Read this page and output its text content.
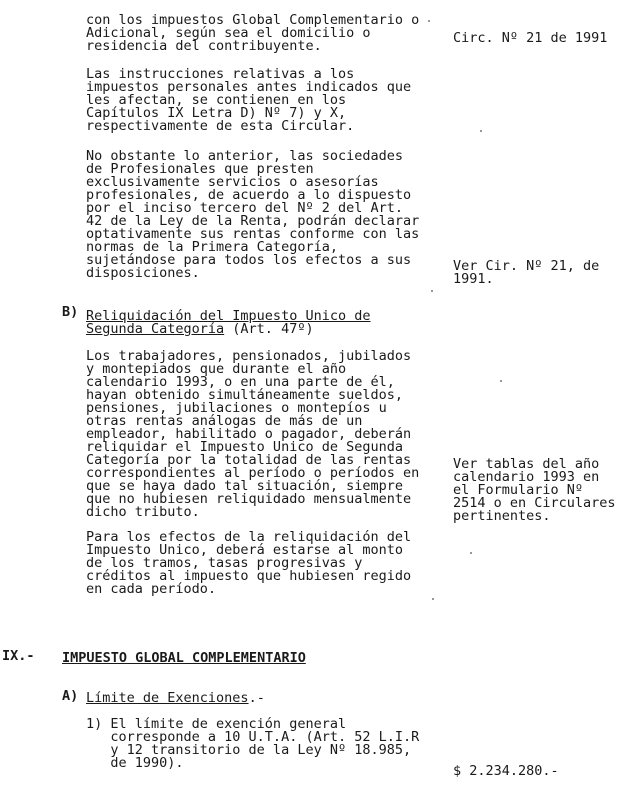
con los impuestos Global Complementario o
Adicional, según sea el domicilio o
residencia del contribuyente.

Las instrucciones relativas a los
impuestos personales antes indicados que
les afectan, se contienen en los
Capítulos IX Letra D) Nº 7) y X,
respectivamente de esta Circular.

No obstante lo anterior, las sociedades
de Profesionales que presten
exclusivamente servicios o asesorías
profesionales, de acuerdo a lo dispuesto
por el inciso tercero del Nº 2 del Art.
42 de la Ley de la Renta, podrán declarar
optativamente sus rentas conforme con las
normas de la Primera Categoría,
sujetándose para todos los efectos a sus
disposiciones.

B) Reliquidación del Impuesto Unico de
Segunda Categoría (Art. 47º)

Los trabajadores, pensionados, jubilados
y montepiados que durante el año
calendario 1993, o en una parte de él,
hayan obtenido simultáneamente sueldos,
pensiones, jubilaciones o montepíos u
otras rentas análogas de más de un
empleador, habilitado o pagador, deberán
reliquidar el Impuesto Unico de Segunda
Categoría por la totalidad de las rentas
correspondientes al período o períodos en
que se haya dado tal situación, siempre
que no hubiesen reliquidado mensualmente
dicho tributo.

Para los efectos de la reliquidación del
Impuesto Unico, deberá estarse al monto
de los tramos, tasas progresivas y
créditos al impuesto que hubiesen regido
en cada período.

IX.- IMPUESTO GLOBAL COMPLEMENTARIO
A) Límite de Exenciones.-

1) El límite de exención general
corresponde a 10 U.T.A. (Art. 52 L.I.R
y 12 transitorio de la Ley Nº 18.985,
de 1990).

Circ. Nº 21 de 1991

Ver Cir. Nº 21, de
1991.

Ver tablas del año
calendario 1993 en
el Formulario Nº
2514 o en Circulares
pertinentes.

$ 2.234.280.-
